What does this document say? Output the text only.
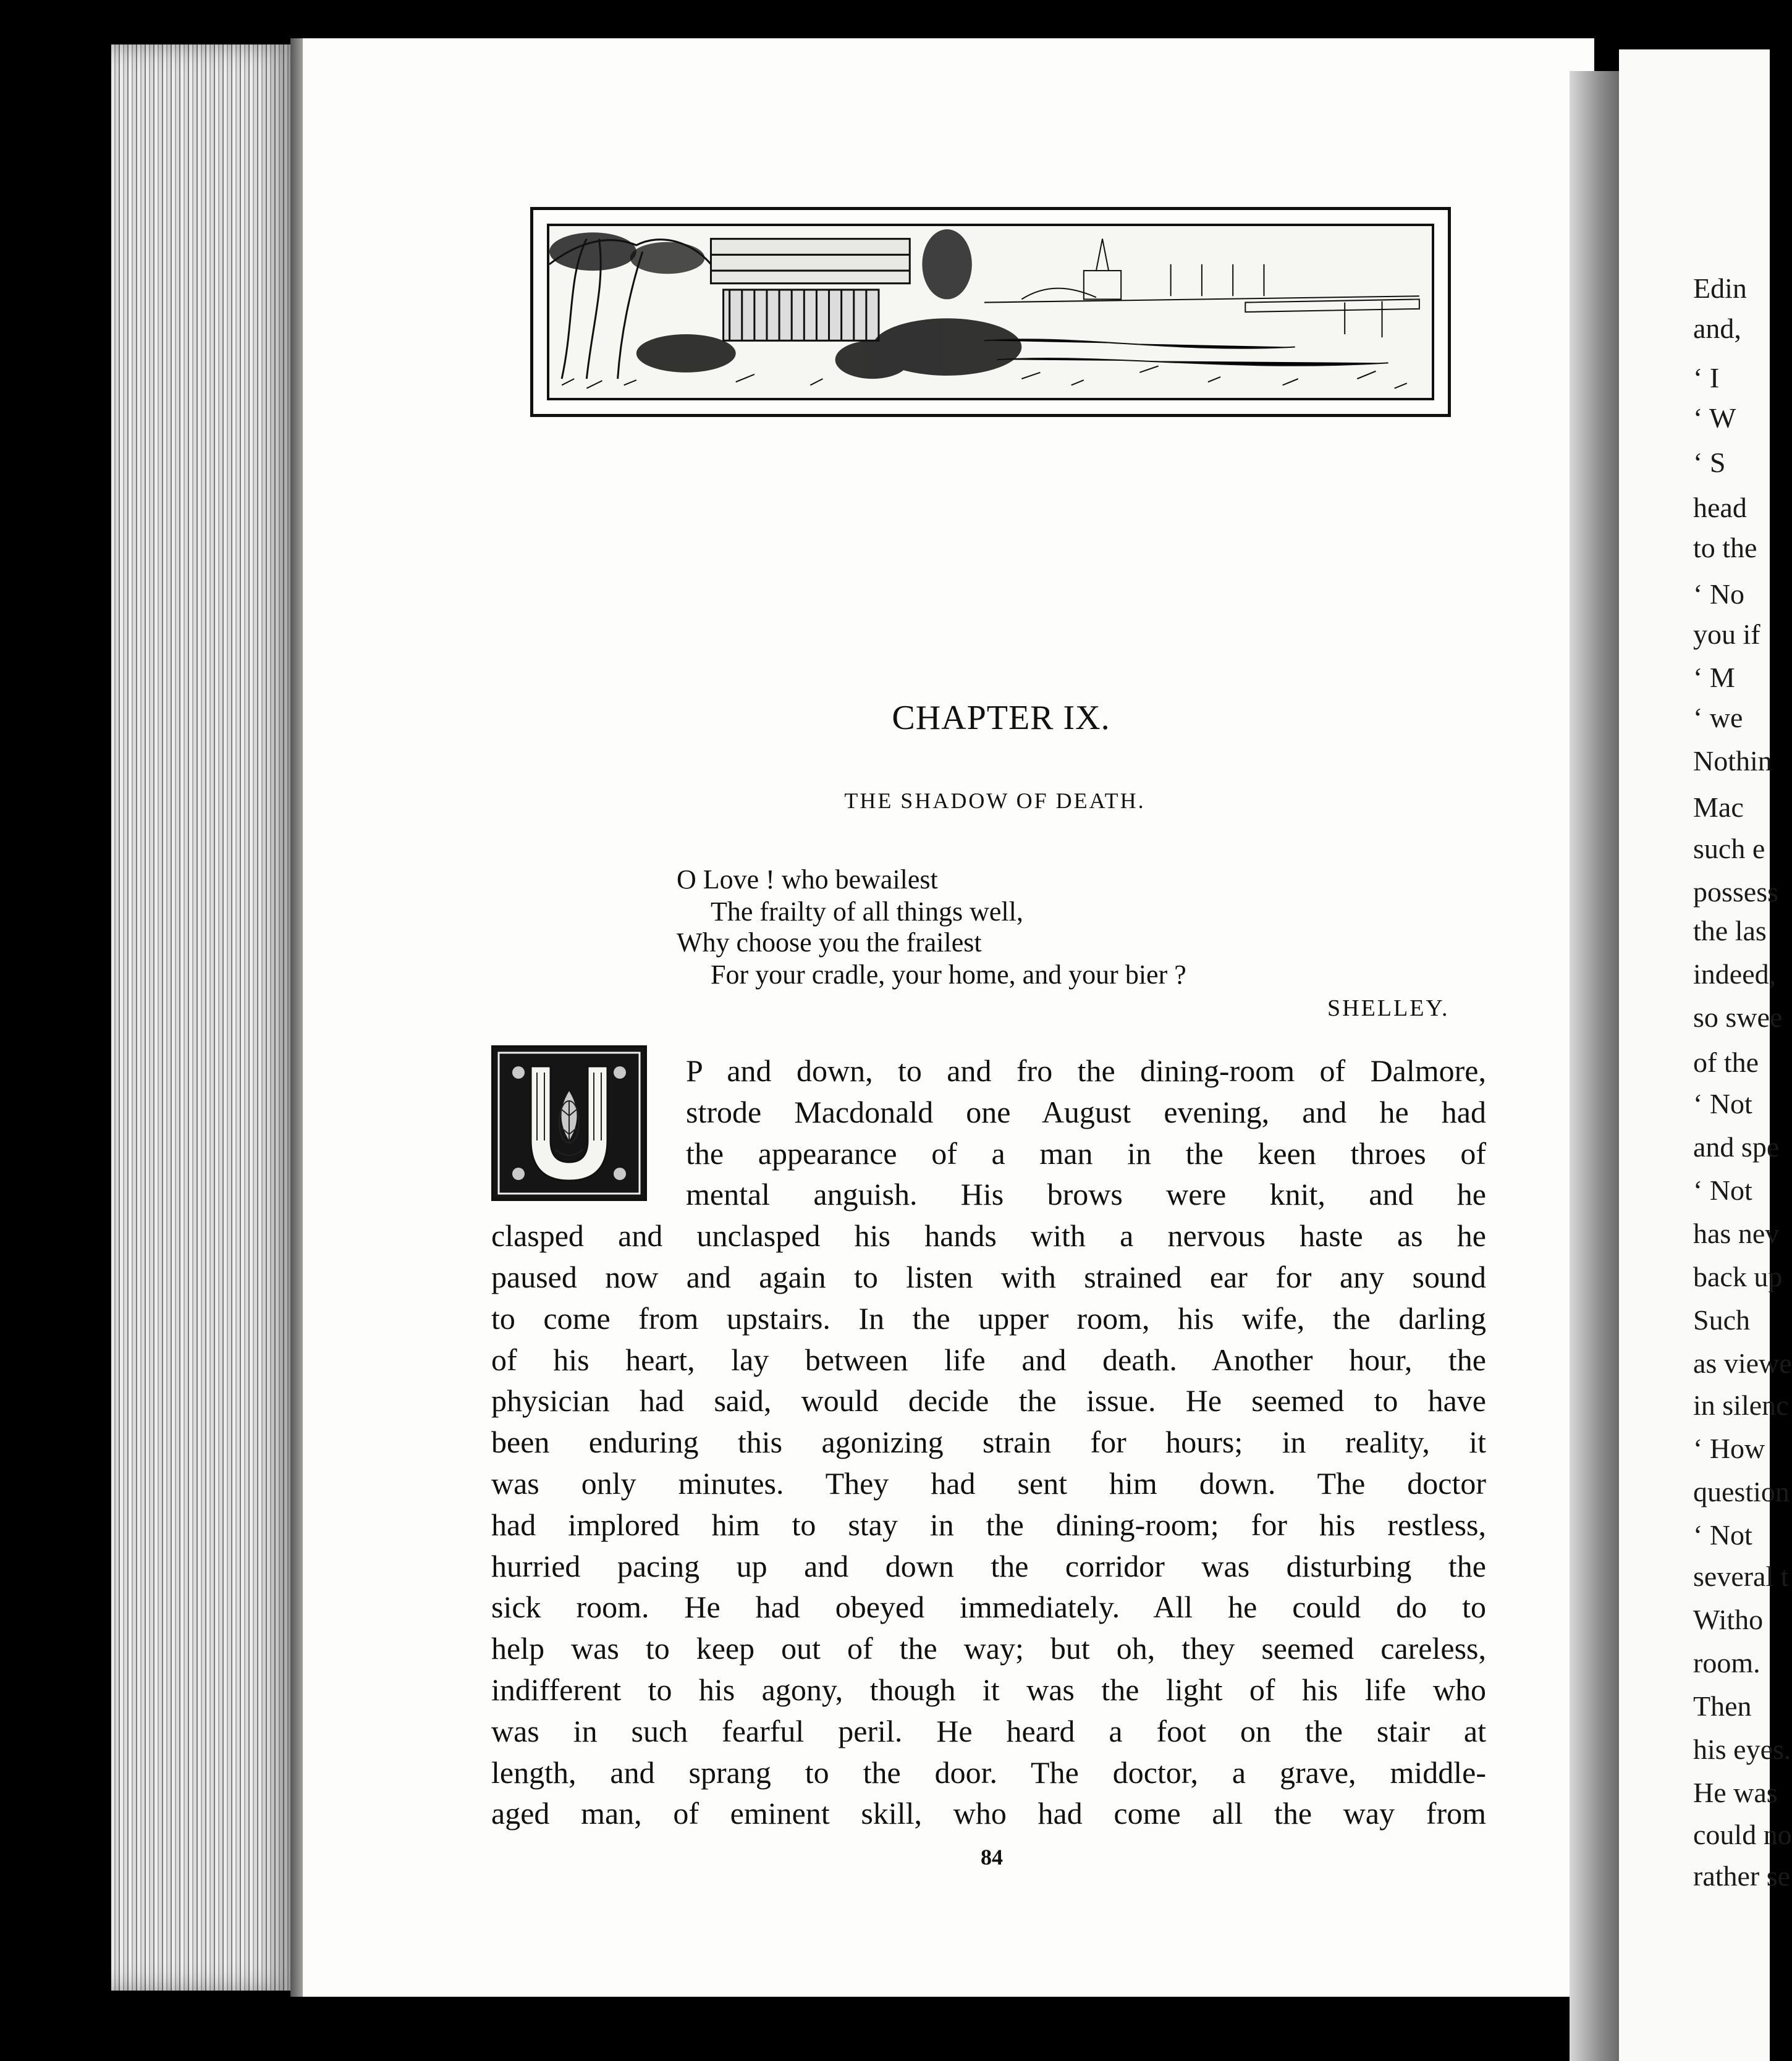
Edin
and,
‘ I
‘ W
‘ S
head
to the
‘ No
you if
‘ M
‘ we
Nothin
Mac
such e
possess
the las
indeed,
so swee
of the
‘ Not
and spe
‘ Not
has nev
back up
Such
as viewe
in silenc
‘ How
question
‘ Not
several t
Witho
room.
Then
his eyes.
He was
could no
rather se
CHAPTER IX.
THE SHADOW OF DEATH.
O Love ! who bewailest
The frailty of all things well,
Why choose you the frailest
For your cradle, your home, and your bier ?
SHELLEY.
U
P and down, to and fro the dining-room of Dalmore,
strode Macdonald one August evening, and he had
the appearance of a man in the keen throes of
mental anguish. His brows were knit, and he
clasped and unclasped his hands with a nervous haste as he
paused now and again to listen with strained ear for any sound
to come from upstairs. In the upper room, his wife, the darling
of his heart, lay between life and death. Another hour, the
physician had said, would decide the issue. He seemed to have
been enduring this agonizing strain for hours; in reality, it
was only minutes. They had sent him down. The doctor
had implored him to stay in the dining-room; for his restless,
hurried pacing up and down the corridor was disturbing the
sick room. He had obeyed immediately. All he could do to
help was to keep out of the way; but oh, they seemed careless,
indifferent to his agony, though it was the light of his life who
was in such fearful peril. He heard a foot on the stair at
length, and sprang to the door. The doctor, a grave, middle-
aged man, of eminent skill, who had come all the way from
84
